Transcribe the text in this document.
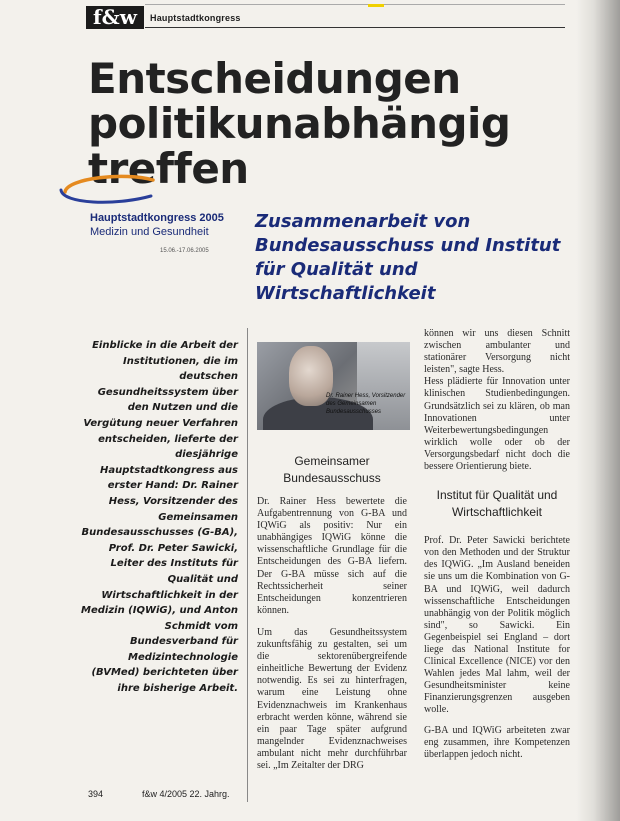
f&w	Hauptstadtkongress
Entscheidungen
politikunabhängig treffen
Hauptstadtkongress 2005
Medizin und Gesundheit
15.06.-17.06.2005
Zusammenarbeit von Bundesausschuss und Institut für Qualität und Wirtschaftlichkeit
Einblicke in die Arbeit der Institutionen, die im deutschen Gesundheitssystem über den Nutzen und die Vergütung neuer Verfahren entscheiden, lieferte der diesjährige Hauptstadtkongress aus erster Hand: Dr. Rainer Hess, Vorsitzender des Gemeinsamen Bundesausschusses (G-BA), Prof. Dr. Peter Sawicki, Leiter des Instituts für Qualität und Wirtschaftlichkeit in der Medizin (IQWiG), und Anton Schmidt vom Bundesverband für Medizintechnologie (BVMed) berichteten über ihre bisherige Arbeit.
Dr. Rainer Hess, Vorsitzender des Gemeinsamen Bundesausschusses
Gemeinsamer Bundesausschuss

Dr. Rainer Hess bewertete die Aufgabentrennung von G-BA und IQWiG als positiv: Nur ein unabhängiges IQWiG könne die wissenschaftliche Grundlage für die Entscheidungen des G-BA liefern. Der G-BA müsse sich auf die Rechtssicherheit seiner Entscheidungen konzentrieren können.

Um das Gesundheitssystem zukunftsfähig zu gestalten, sei um die sektorenübergreifende einheitliche Bewertung der Evidenz notwendig. Es sei zu hinterfragen, warum eine Leistung ohne Evidenznachweis im Krankenhaus erbracht werden könne, während sie ein paar Tage später aufgrund mangelnder Evidenznachweises ambulant nicht mehr durchführbar sei. „Im Zeitalter der DRG

können wir uns diesen Schnitt zwischen ambulanter und stationärer Versorgung nicht leisten", sagte Hess.

Hess plädierte für Innovation unter klinischen Studienbedingungen. Grundsätzlich sei zu klären, ob man Innovationen unter Weiterbewertungsbedingungen wirklich wolle oder ob der Versorgungsbedarf nicht doch die bessere Orientierung biete.

Institut für Qualität und Wirtschaftlichkeit

Prof. Dr. Peter Sawicki berichtete von den Methoden und der Struktur des IQWiG. „Im Ausland beneiden sie uns um die Kombination von G-BA und IQWiG, weil dadurch wissenschaftliche Entscheidungen unabhängig von der Politik möglich sind", so Sawicki. Ein Gegenbeispiel sei England – dort liege das National Institute for Clinical Excellence (NICE) vor den Wahlen jedes Mal lahm, weil der Gesundheitsminister keine Finanzierungsgrenzen ausgeben wolle.

G-BA und IQWiG arbeiteten zwar eng zusammen, ihre Kompetenzen überlappen jedoch nicht.

394	f&w 4/2005 22. Jahrg.
